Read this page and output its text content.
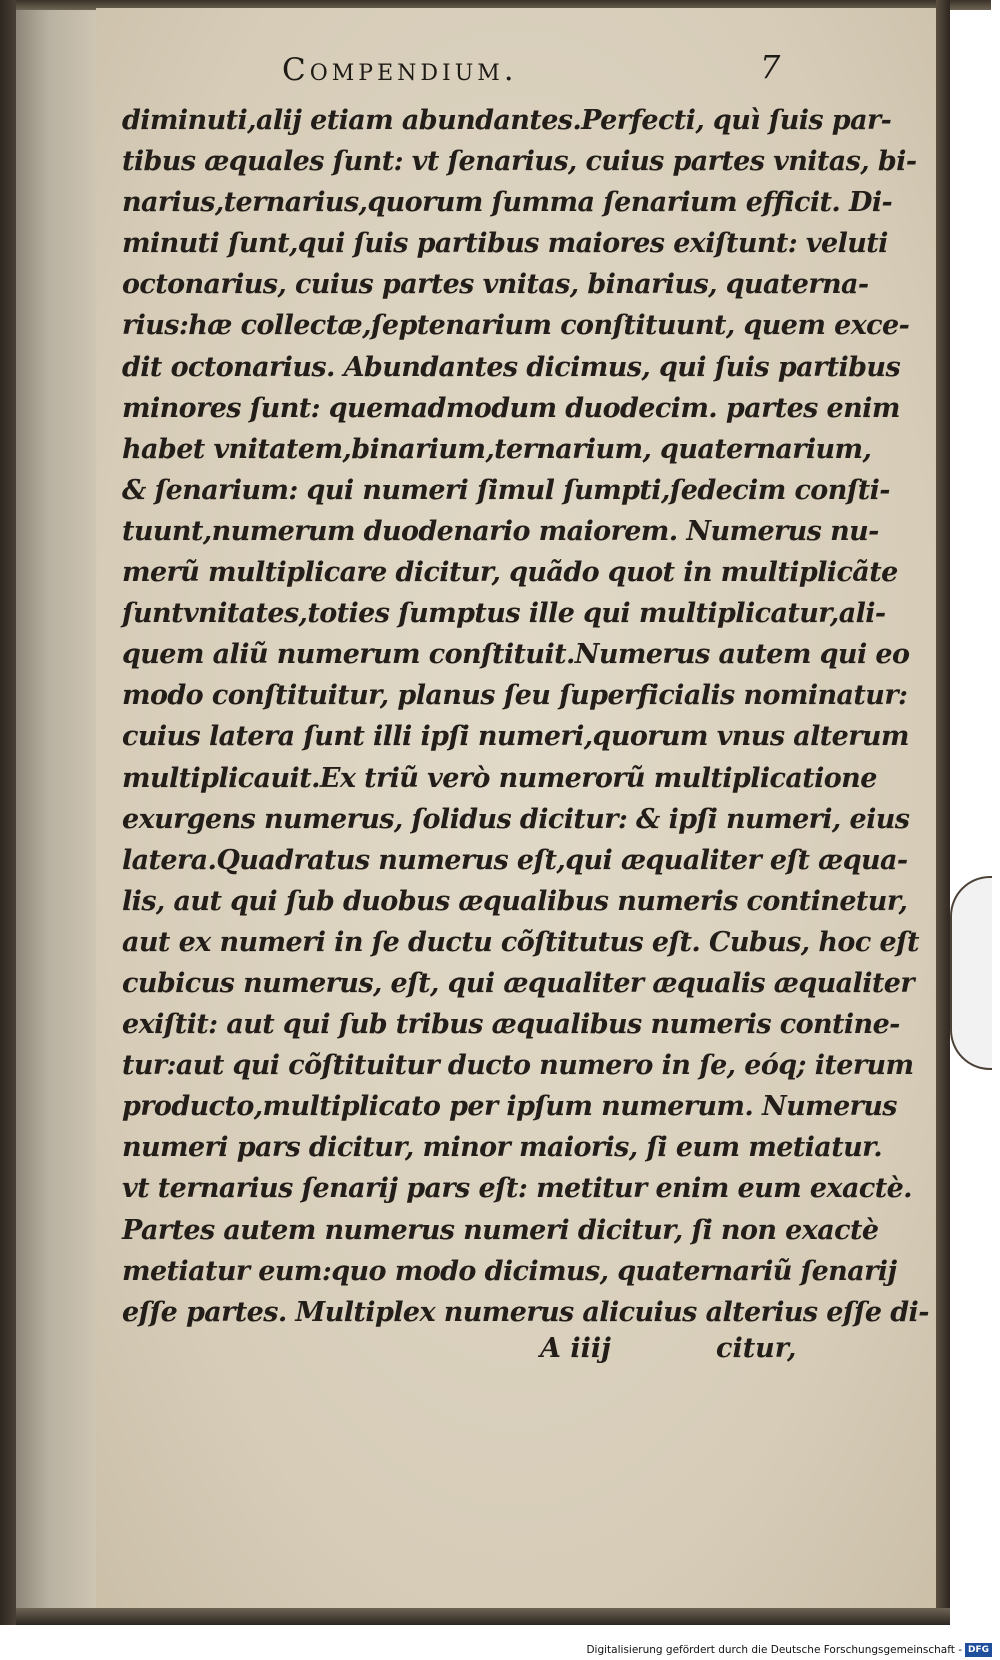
Compendium.	7
diminuti,alij etiam abundantes.Perfecti, quì ſuis par-
tibus æquales ſunt: vt ſenarius, cuius partes vnitas, bi-
narius,ternarius,quorum ſumma ſenarium efficit. Di-
minuti ſunt,qui ſuis partibus maiores exiſtunt: veluti
octonarius, cuius partes vnitas, binarius, quaterna-
rius:hæ collectæ,ſeptenarium conſtituunt, quem exce-
dit octonarius. Abundantes dicimus, qui ſuis partibus
minores ſunt: quemadmodum duodecim. partes enim
habet vnitatem,binarium,ternarium, quaternarium,
& ſenarium: qui numeri ſimul ſumpti,ſedecim conſti-
tuunt,numerum duodenario maiorem. Numerus nu-
merũ multiplicare dicitur, quãdo quot in multiplicãte
ſuntvnitates,toties ſumptus ille qui multiplicatur,ali-
quem aliũ numerum conſtituit.Numerus autem qui eo
modo conſtituitur, planus ſeu ſuperficialis nominatur:
cuius latera ſunt illi ipſi numeri,quorum vnus alterum
multiplicauit.Ex triũ verò numerorũ multiplicatione
exurgens numerus, ſolidus dicitur: & ipſi numeri, eius
latera.Quadratus numerus eſt,qui æqualiter eſt æqua-
lis, aut qui ſub duobus æqualibus numeris continetur,
aut ex numeri in ſe ductu cõſtitutus eſt. Cubus, hoc eſt
cubicus numerus, eſt, qui æqualiter æqualis æqualiter
exiſtit: aut qui ſub tribus æqualibus numeris contine-
tur:aut qui cõſtituitur ducto numero in ſe, eóq; iterum
producto,multiplicato per ipſum numerum. Numerus
numeri pars dicitur, minor maioris, ſi eum metiatur.
vt ternarius ſenarij pars eſt: metitur enim eum exactè.
Partes autem numerus numeri dicitur, ſi non exactè
metiatur eum:quo modo dicimus, quaternariũ ſenarij
eſſe partes. Multiplex numerus alicuius alterius eſſe di-
A iiij	citur,
Digitalisierung gefördert durch die Deutsche Forschungsgemeinschaft - DFG
